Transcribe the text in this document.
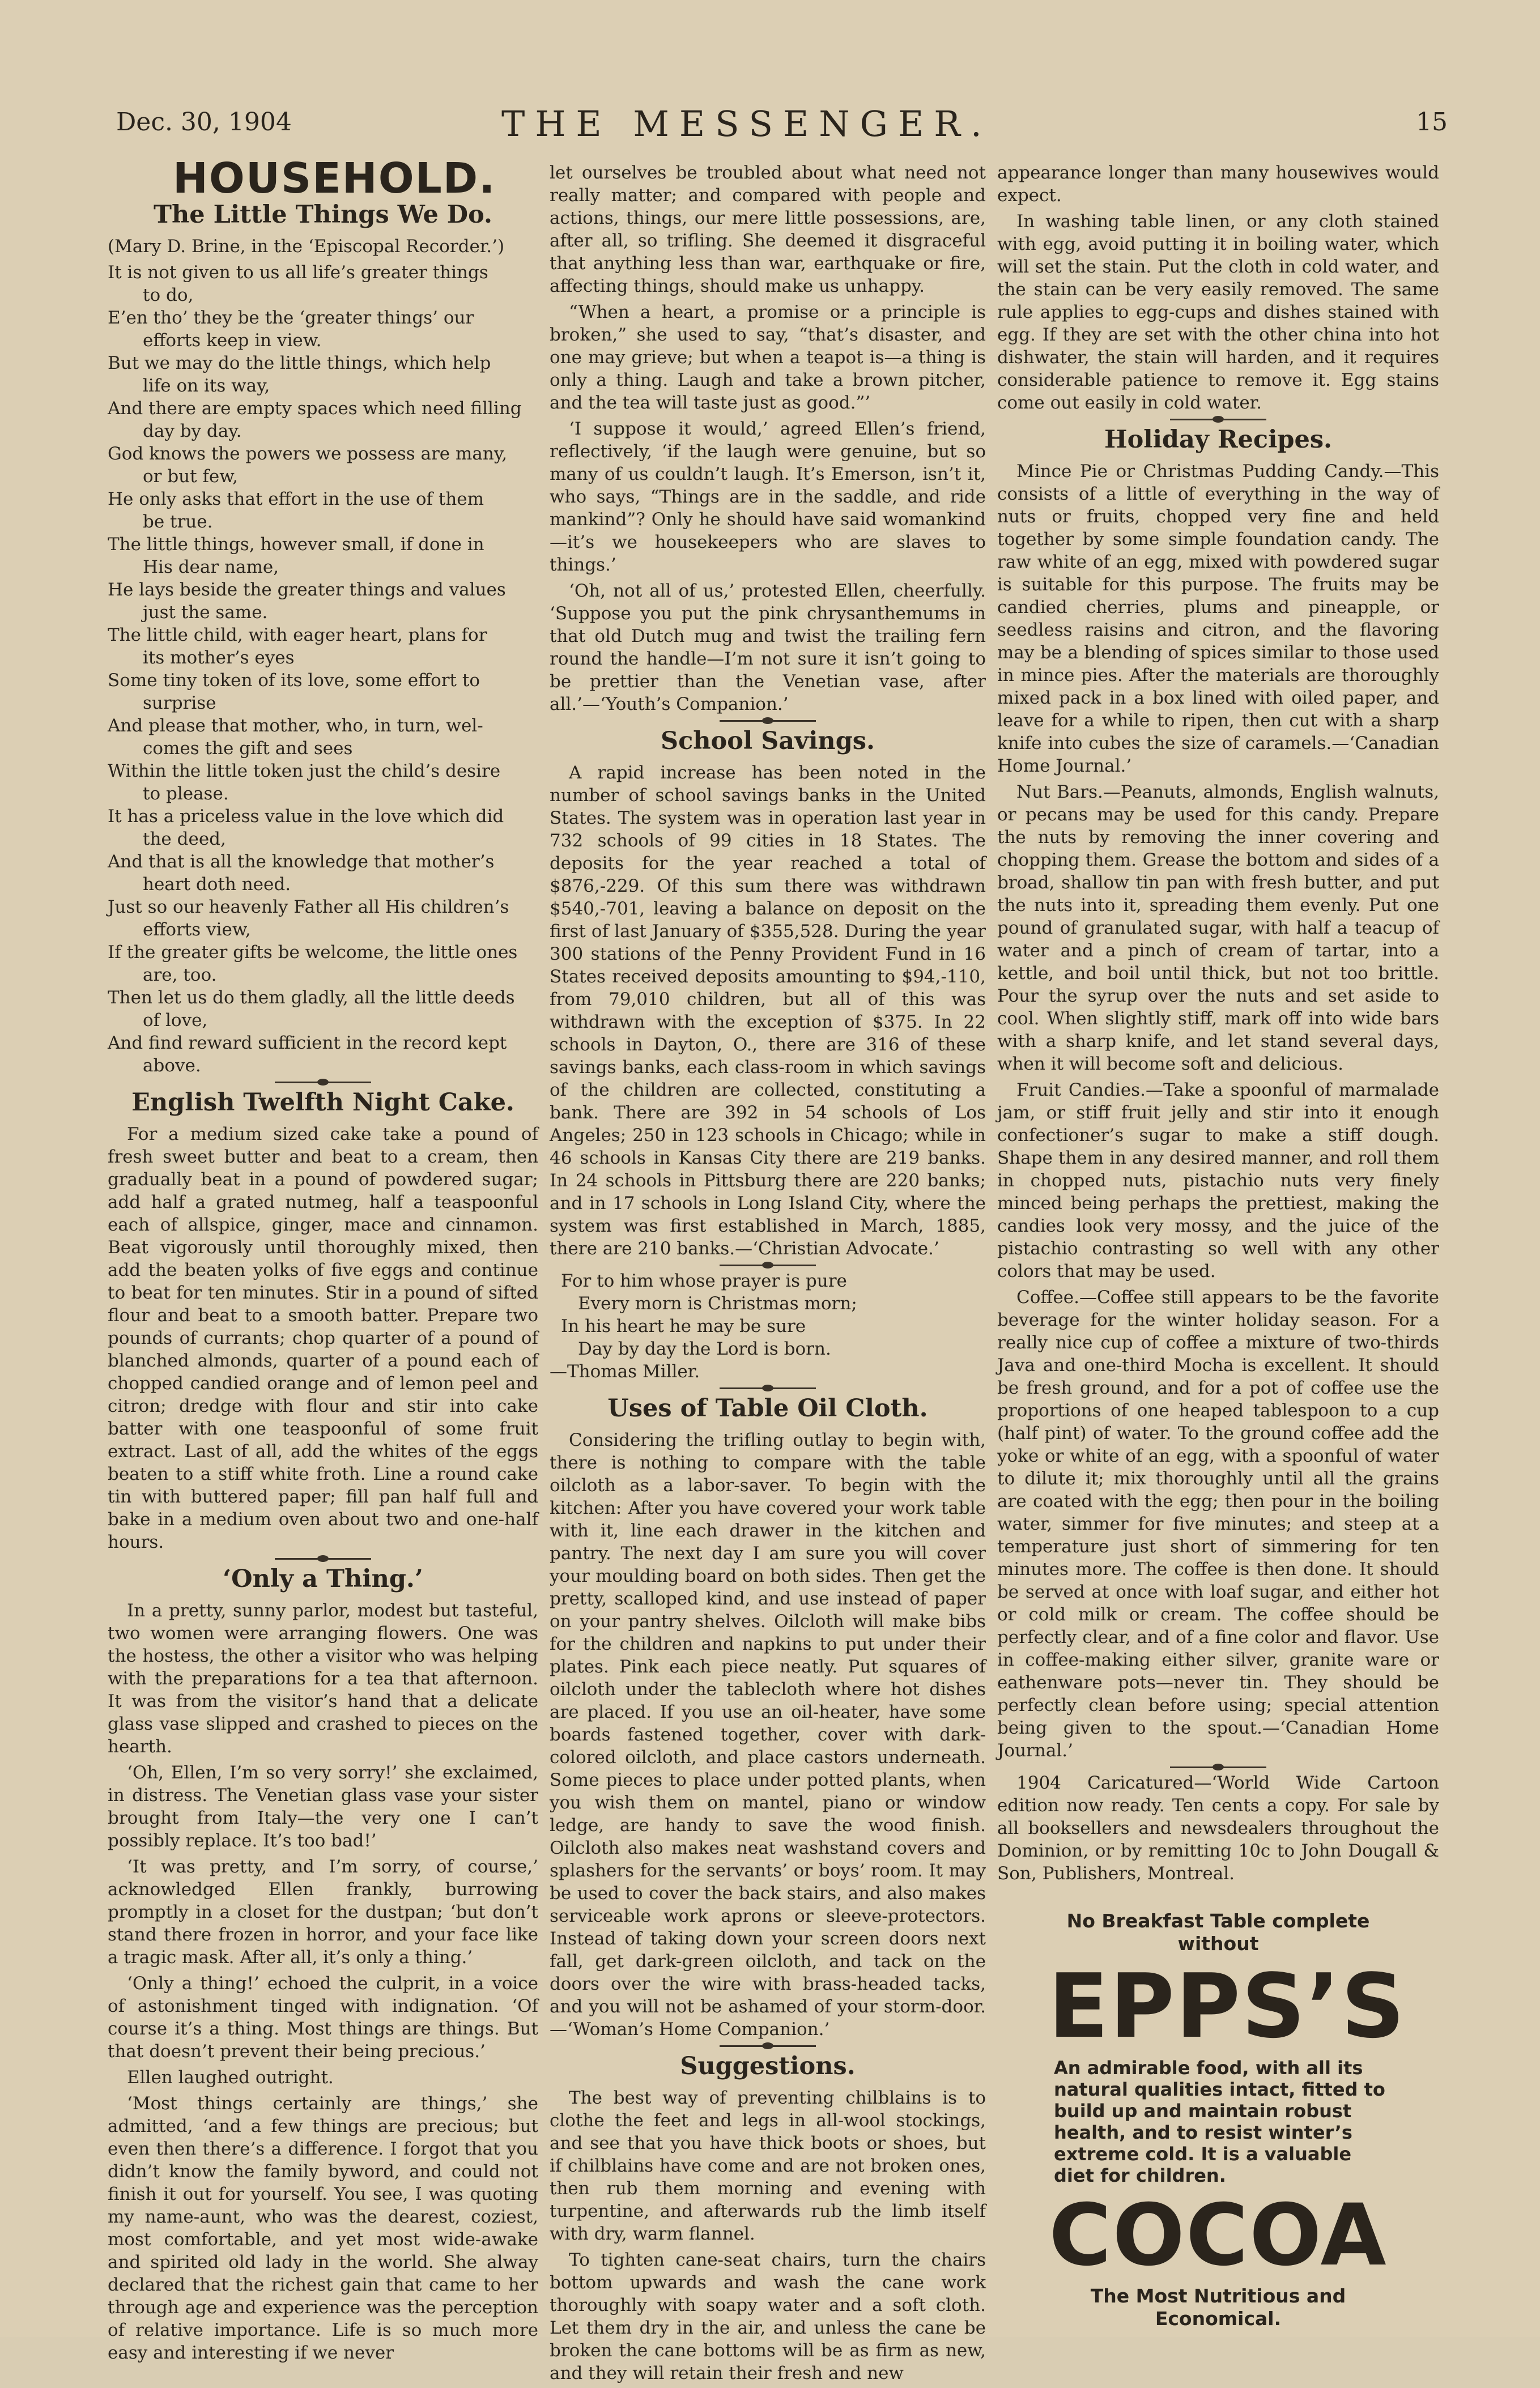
Dec. 30, 1904	THE MESSENGER.	15
HOUSEHOLD.
The Little Things We Do.

(Mary D. Brine, in the ‘Episcopal Recorder.’)

It is not given to us all life’s greater things

to do,

E’en tho’ they be the ‘greater things’ our

efforts keep in view.

But we may do the little things, which help

life on its way,

And there are empty spaces which need filling

day by day.

God knows the powers we possess are many,

or but few,

He only asks that effort in the use of them

be true.

The little things, however small, if done in

His dear name,

He lays beside the greater things and values

just the same.

The little child, with eager heart, plans for

its mother’s eyes

Some tiny token of its love, some effort to

surprise

And please that mother, who, in turn, wel-

comes the gift and sees

Within the little token just the child’s desire

to please.

It has a priceless value in the love which did

the deed,

And that is all the knowledge that mother’s

heart doth need.

Just so our heavenly Father all His children’s

efforts view,

If the greater gifts be welcome, the little ones

are, too.

Then let us do them gladly, all the little deeds

of love,

And find reward sufficient in the record kept

above.

English Twelfth Night Cake.

For a medium sized cake take a pound of fresh sweet butter and beat to a cream, then gradually beat in a pound of powdered sugar; add half a grated nutmeg, half a teaspoonful each of allspice, ginger, mace and cinnamon. Beat vigorously until thoroughly mixed, then add the beaten yolks of five eggs and continue to beat for ten minutes. Stir in a pound of sifted flour and beat to a smooth batter. Prepare two pounds of currants; chop quarter of a pound of blanched almonds, quarter of a pound each of chopped candied orange and of lemon peel and citron; dredge with flour and stir into cake batter with one teaspoonful of some fruit extract. Last of all, add the whites of the eggs beaten to a stiff white froth. Line a round cake tin with buttered paper; fill pan half full and bake in a medium oven about two and one-half hours.

‘Only a Thing.’

In a pretty, sunny parlor, modest but tasteful, two women were arranging flowers. One was the hostess, the other a visitor who was helping with the preparations for a tea that afternoon. It was from the visitor’s hand that a delicate glass vase slipped and crashed to pieces on the hearth.

‘Oh, Ellen, I’m so very sorry!’ she exclaimed, in distress. The Venetian glass vase your sister brought from Italy—the very one I can’t possibly replace. It’s too bad!’

‘It was pretty, and I’m sorry, of course,’ acknowledged Ellen frankly, burrowing promptly in a closet for the dustpan; ‘but don’t stand there frozen in horror, and your face like a tragic mask. After all, it’s only a thing.’

‘Only a thing!’ echoed the culprit, in a voice of astonishment tinged with indignation. ‘Of course it’s a thing. Most things are things. But that doesn’t prevent their being precious.’

Ellen laughed outright.

‘Most things certainly are things,’ she admitted, ‘and a few things are precious; but even then there’s a difference. I forgot that you didn’t know the family byword, and could not finish it out for yourself. You see, I was quoting my name-aunt, who was the dearest, coziest, most comfortable, and yet most wide-awake and spirited old lady in the world. She alway declared that the richest gain that came to her through age and experience was the perception of relative importance. Life is so much more easy and interesting if we never

let ourselves be troubled about what need not really matter; and compared with people and actions, things, our mere little possessions, are, after all, so trifling. She deemed it disgraceful that anything less than war, earthquake or fire, affecting things, should make us unhappy.

“When a heart, a promise or a principle is broken,” she used to say, “that’s disaster, and one may grieve; but when a teapot is—a thing is only a thing. Laugh and take a brown pitcher, and the tea will taste just as good.”’

‘I suppose it would,’ agreed Ellen’s friend, reflectively, ‘if the laugh were genuine, but so many of us couldn’t laugh. It’s Emerson, isn’t it, who says, “Things are in the saddle, and ride mankind”? Only he should have said womankind—it’s we housekeepers who are slaves to things.’

‘Oh, not all of us,’ protested Ellen, cheerfully. ‘Suppose you put the pink chrysanthemums in that old Dutch mug and twist the trailing fern round the handle—I’m not sure it isn’t going to be prettier than the Venetian vase, after all.’—‘Youth’s Companion.’

School Savings.

A rapid increase has been noted in the number of school savings banks in the United States. The system was in operation last year in 732 schools of 99 cities in 18 States. The deposits for the year reached a total of $876,-229. Of this sum there was withdrawn $540,-701, leaving a balance on deposit on the first of last January of $355,528. During the year 300 stations of the Penny Provident Fund in 16 States received deposits amounting to $94,-110, from 79,010 children, but all of this was withdrawn with the exception of $375. In 22 schools in Dayton, O., there are 316 of these savings banks, each class-room in which savings of the children are collected, constituting a bank. There are 392 in 54 schools of Los Angeles; 250 in 123 schools in Chicago; while in 46 schools in Kansas City there are 219 banks. In 24 schools in Pittsburg there are 220 banks; and in 17 schools in Long Island City, where the system was first established in March, 1885, there are 210 banks.—‘Christian Advocate.’

For to him whose prayer is pure

Every morn is Christmas morn;

In his heart he may be sure

Day by day the Lord is born.

—Thomas Miller.

Uses of Table Oil Cloth.

Considering the trifling outlay to begin with, there is nothing to compare with the table oilcloth as a labor-saver. To begin with the kitchen: After you have covered your work table with it, line each drawer in the kitchen and pantry. The next day I am sure you will cover your moulding board on both sides. Then get the pretty, scalloped kind, and use instead of paper on your pantry shelves. Oilcloth will make bibs for the children and napkins to put under their plates. Pink each piece neatly. Put squares of oilcloth under the tablecloth where hot dishes are placed. If you use an oil-heater, have some boards fastened together, cover with dark-colored oilcloth, and place castors underneath. Some pieces to place under potted plants, when you wish them on mantel, piano or window ledge, are handy to save the wood finish. Oilcloth also makes neat washstand covers and splashers for the servants’ or boys’ room. It may be used to cover the back stairs, and also makes serviceable work aprons or sleeve-protectors. Instead of taking down your screen doors next fall, get dark-green oilcloth, and tack on the doors over the wire with brass-headed tacks, and you will not be ashamed of your storm-door.—‘Woman’s Home Companion.’

Suggestions.

The best way of preventing chilblains is to clothe the feet and legs in all-wool stockings, and see that you have thick boots or shoes, but if chilblains have come and are not broken ones, then rub them morning and evening with turpentine, and afterwards rub the limb itself with dry, warm flannel.

To tighten cane-seat chairs, turn the chairs bottom upwards and wash the cane work thoroughly with soapy water and a soft cloth. Let them dry in the air, and unless the cane be broken the cane bottoms will be as firm as new, and they will retain their fresh and new

appearance longer than many housewives would expect.

In washing table linen, or any cloth stained with egg, avoid putting it in boiling water, which will set the stain. Put the cloth in cold water, and the stain can be very easily removed. The same rule applies to egg-cups and dishes stained with egg. If they are set with the other china into hot dishwater, the stain will harden, and it requires considerable patience to remove it. Egg stains come out easily in cold water.

Holiday Recipes.

Mince Pie or Christmas Pudding Candy.—This consists of a little of everything in the way of nuts or fruits, chopped very fine and held together by some simple foundation candy. The raw white of an egg, mixed with powdered sugar is suitable for this purpose. The fruits may be candied cherries, plums and pineapple, or seedless raisins and citron, and the flavoring may be a blending of spices similar to those used in mince pies. After the materials are thoroughly mixed pack in a box lined with oiled paper, and leave for a while to ripen, then cut with a sharp knife into cubes the size of caramels.—‘Canadian Home Journal.’

Nut Bars.—Peanuts, almonds, English walnuts, or pecans may be used for this candy. Prepare the nuts by removing the inner covering and chopping them. Grease the bottom and sides of a broad, shallow tin pan with fresh butter, and put the nuts into it, spreading them evenly. Put one pound of granulated sugar, with half a teacup of water and a pinch of cream of tartar, into a kettle, and boil until thick, but not too brittle. Pour the syrup over the nuts and set aside to cool. When slightly stiff, mark off into wide bars with a sharp knife, and let stand several days, when it will become soft and delicious.

Fruit Candies.—Take a spoonful of marmalade jam, or stiff fruit jelly and stir into it enough confectioner’s sugar to make a stiff dough. Shape them in any desired manner, and roll them in chopped nuts, pistachio nuts very finely minced being perhaps the prettiest, making the candies look very mossy, and the juice of the pistachio contrasting so well with any other colors that may be used.

Coffee.—Coffee still appears to be the favorite beverage for the winter holiday season. For a really nice cup of coffee a mixture of two-thirds Java and one-third Mocha is excellent. It should be fresh ground, and for a pot of coffee use the proportions of one heaped tablespoon to a cup (half pint) of water. To the ground coffee add the yoke or white of an egg, with a spoonful of water to dilute it; mix thoroughly until all the grains are coated with the egg; then pour in the boiling water, simmer for five minutes; and steep at a temperature just short of simmering for ten minutes more. The coffee is then done. It should be served at once with loaf sugar, and either hot or cold milk or cream. The coffee should be perfectly clear, and of a fine color and flavor. Use in coffee-making either silver, granite ware or eathenware pots—never tin. They should be perfectly clean before using; special attention being given to the spout.—‘Canadian Home Journal.’

1904 Caricatured—‘World Wide Cartoon edition now ready. Ten cents a copy. For sale by all booksellers and newsdealers throughout the Dominion, or by remitting 10c to John Dougall & Son, Publishers, Montreal.

No Breakfast Table complete without
EPPS’S
An admirable food, with all its natural qualities intact, fitted to build up and maintain robust health, and to resist winter’s extreme cold. It is a valuable diet for children.
COCOA
The Most Nutritious and Economical.
